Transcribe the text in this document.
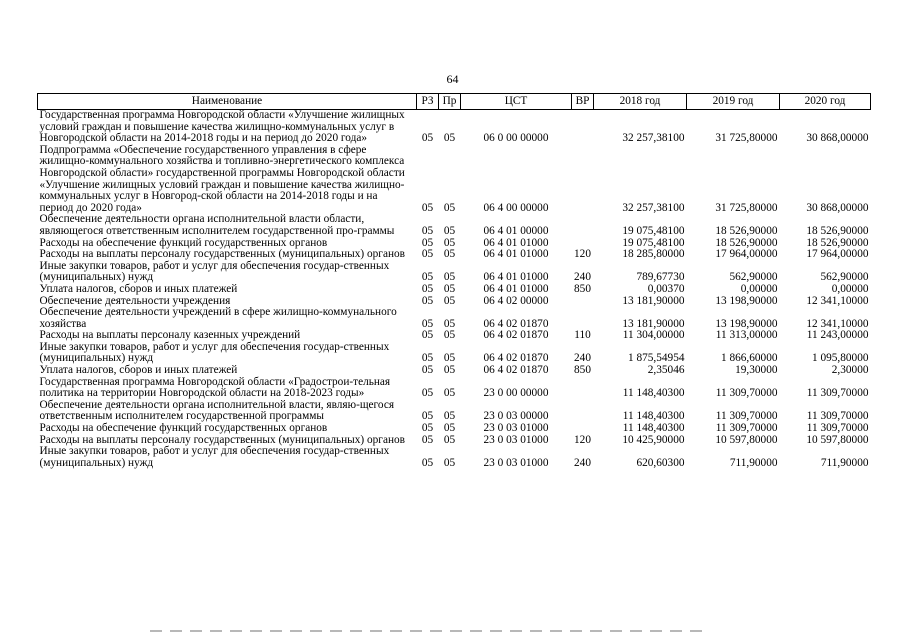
64
Наименование	РЗ	Пр	ЦСТ	ВР	2018 год	2019 год	2020 год
Государственная программа Новгородской области «Улучшение жилищных условий граждан и повышение качества жилищно-коммунальных услуг в Новгородской области на 2014-2018 годы и на период до 2020 года»	05	05	06 0 00 00000		32 257,38100	31 725,80000	30 868,00000
Подпрограмма «Обеспечение государственного управления в сфере жилищно-коммунального хозяйства и топливно-энергетического комплекса Новгородской области» государственной программы Новгородской области «Улучшение жилищных условий граждан и повышение качества жилищно-коммунальных услуг в Новгород-ской области на 2014-2018 годы и на период до 2020 года»	05	05	06 4 00 00000		32 257,38100	31 725,80000	30 868,00000
Обеспечение деятельности органа исполнительной власти области, являющегося ответственным исполнителем государственной про-граммы	05	05	06 4 01 00000		19 075,48100	18 526,90000	18 526,90000
Расходы на обеспечение функций государственных органов	05	05	06 4 01 01000		19 075,48100	18 526,90000	18 526,90000
Расходы на выплаты персоналу государственных (муниципальных) органов	05	05	06 4 01 01000	120	18 285,80000	17 964,00000	17 964,00000
Иные закупки товаров, работ и услуг для обеспечения государ-ственных (муниципальных) нужд	05	05	06 4 01 01000	240	789,67730	562,90000	562,90000
Уплата налогов, сборов и иных платежей	05	05	06 4 01 01000	850	0,00370	0,00000	0,00000
Обеспечение деятельности учреждения	05	05	06 4 02 00000		13 181,90000	13 198,90000	12 341,10000
Обеспечение деятельности учреждений в сфере жилищно-коммунального хозяйства	05	05	06 4 02 01870		13 181,90000	13 198,90000	12 341,10000
Расходы на выплаты персоналу казенных учреждений	05	05	06 4 02 01870	110	11 304,00000	11 313,00000	11 243,00000
Иные закупки товаров, работ и услуг для обеспечения государ-ственных (муниципальных) нужд	05	05	06 4 02 01870	240	1 875,54954	1 866,60000	1 095,80000
Уплата налогов, сборов и иных платежей	05	05	06 4 02 01870	850	2,35046	19,30000	2,30000
Государственная программа Новгородской области «Градострои-тельная политика на территории Новгородской области на 2018-2023 годы»	05	05	23 0 00 00000		11 148,40300	11 309,70000	11 309,70000
Обеспечение деятельности органа исполнительной власти, являю-щегося ответственным исполнителем государственной программы	05	05	23 0 03 00000		11 148,40300	11 309,70000	11 309,70000
Расходы на обеспечение функций государственных органов	05	05	23 0 03 01000		11 148,40300	11 309,70000	11 309,70000
Расходы на выплаты персоналу государственных (муниципальных) органов	05	05	23 0 03 01000	120	10 425,90000	10 597,80000	10 597,80000
Иные закупки товаров, работ и услуг для обеспечения государ-ственных (муниципальных) нужд	05	05	23 0 03 01000	240	620,60300	711,90000	711,90000
